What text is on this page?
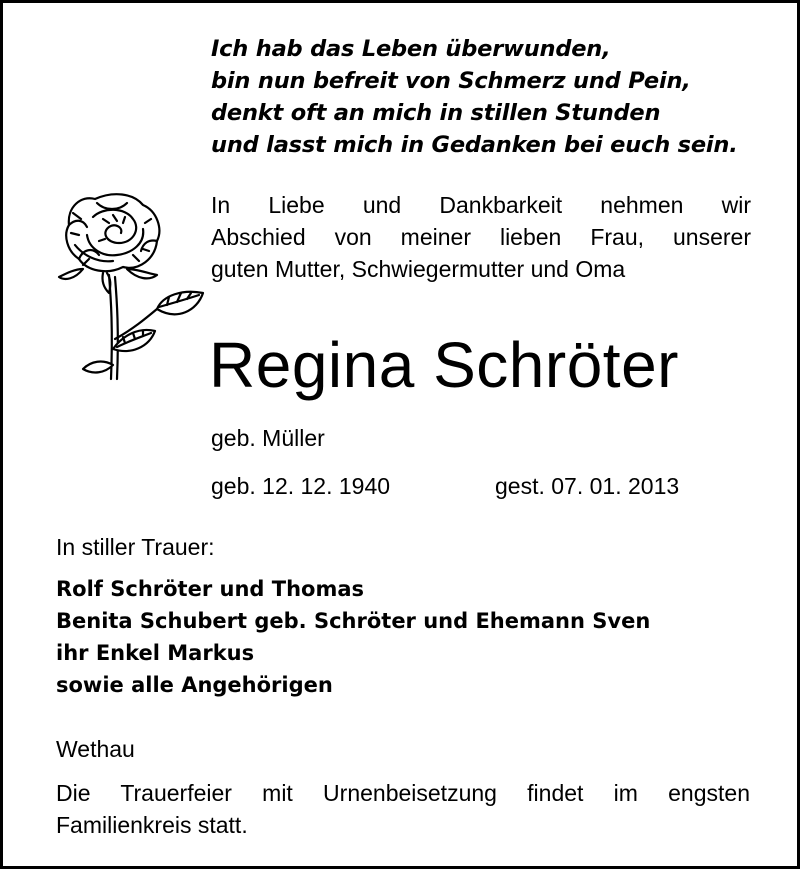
Ich hab das Leben überwunden,
bin nun befreit von Schmerz und Pein,
denkt oft an mich in stillen Stunden
und lasst mich in Gedanken bei euch sein.
In Liebe und Dankbarkeit nehmen wir
Abschied von meiner lieben Frau, unserer
guten Mutter, Schwiegermutter und Oma
Regina Schröter
geb. Müller
geb. 12. 12. 1940	gest. 07. 01. 2013
In stiller Trauer:
Rolf Schröter und Thomas
Benita Schubert geb. Schröter und Ehemann Sven
ihr Enkel Markus
sowie alle Angehörigen
Wethau
Die Trauerfeier mit Urnenbeisetzung findet im engsten
Familienkreis statt.
